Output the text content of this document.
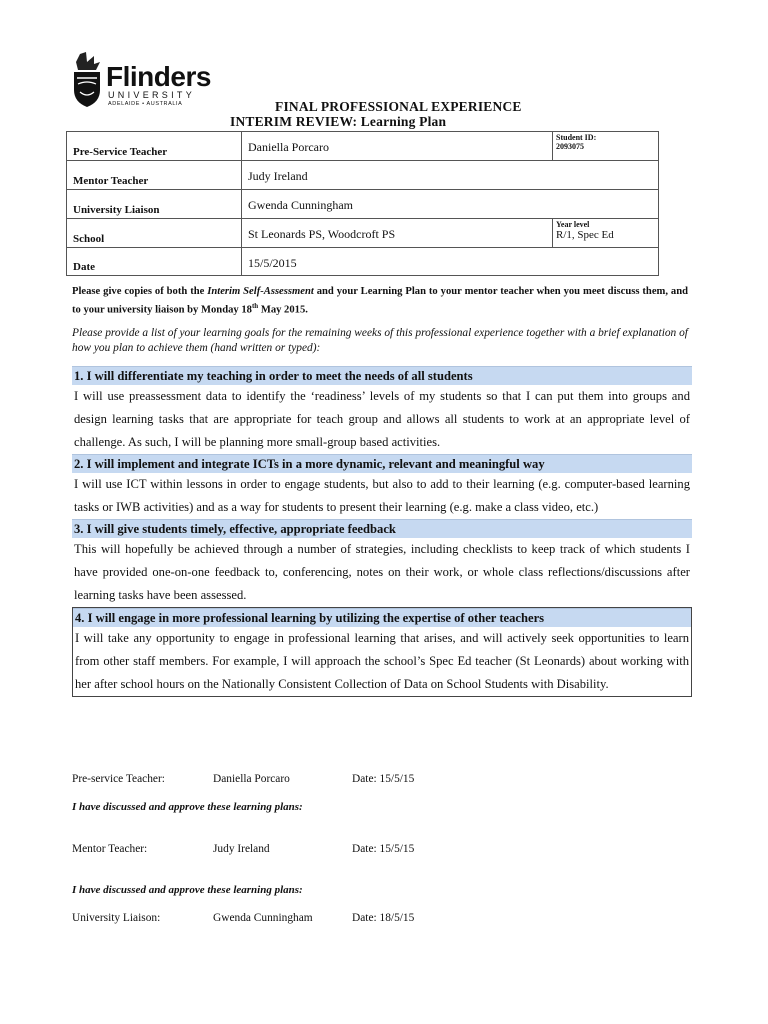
Flinders
UNIVERSITY
ADELAIDE • AUSTRALIA	FINAL PROFESSIONAL EXPERIENCE
INTERIM REVIEW: Learning Plan
Pre-Service Teacher	Daniella Porcaro	Student ID:
2093075

Mentor Teacher	Judy Ireland	
University Liaison	Gwenda Cunningham	
School	St Leonards PS, Woodcroft PS	Year level
R/1, Spec Ed

Date	15/5/2015	
Please give copies of both the Interim Self-Assessment and your Learning Plan to your mentor teacher when you meet discuss them, and to your university liaison by Monday 18th May 2015.
Please provide a list of your learning goals for the remaining weeks of this professional experience together with a brief explanation of how you plan to achieve them (hand written or typed):
1. I will differentiate my teaching in order to meet the needs of all students
I will use preassessment data to identify the ‘readiness’ levels of my students so that I can put them into groups and design learning tasks that are appropriate for teach group and allows all students to work at an appropriate level of challenge. As such, I will be planning more small-group based activities.
2. I will implement and integrate ICTs in a more dynamic, relevant and meaningful way
I will use ICT within lessons in order to engage students, but also to add to their learning (e.g. computer-based learning tasks or IWB activities) and as a way for students to present their learning (e.g. make a class video, etc.)
3. I will give students timely, effective, appropriate feedback
This will hopefully be achieved through a number of strategies, including checklists to keep track of which students I have provided one-on-one feedback to, conferencing, notes on their work, or whole class reflections/discussions after learning tasks have been assessed.
4. I will engage in more professional learning by utilizing the expertise of other teachers
I will take any opportunity to engage in professional learning that arises, and will actively seek opportunities to learn from other staff members. For example, I will approach the school’s Spec Ed teacher (St Leonards) about working with her after school hours on the Nationally Consistent Collection of Data on School Students with Disability.
Pre-service Teacher:	Daniella Porcaro	Date: 15/5/15
I have discussed and approve these learning plans:
Mentor Teacher:	Judy Ireland	Date: 15/5/15
I have discussed and approve these learning plans:
University Liaison:	Gwenda Cunningham	Date: 18/5/15
